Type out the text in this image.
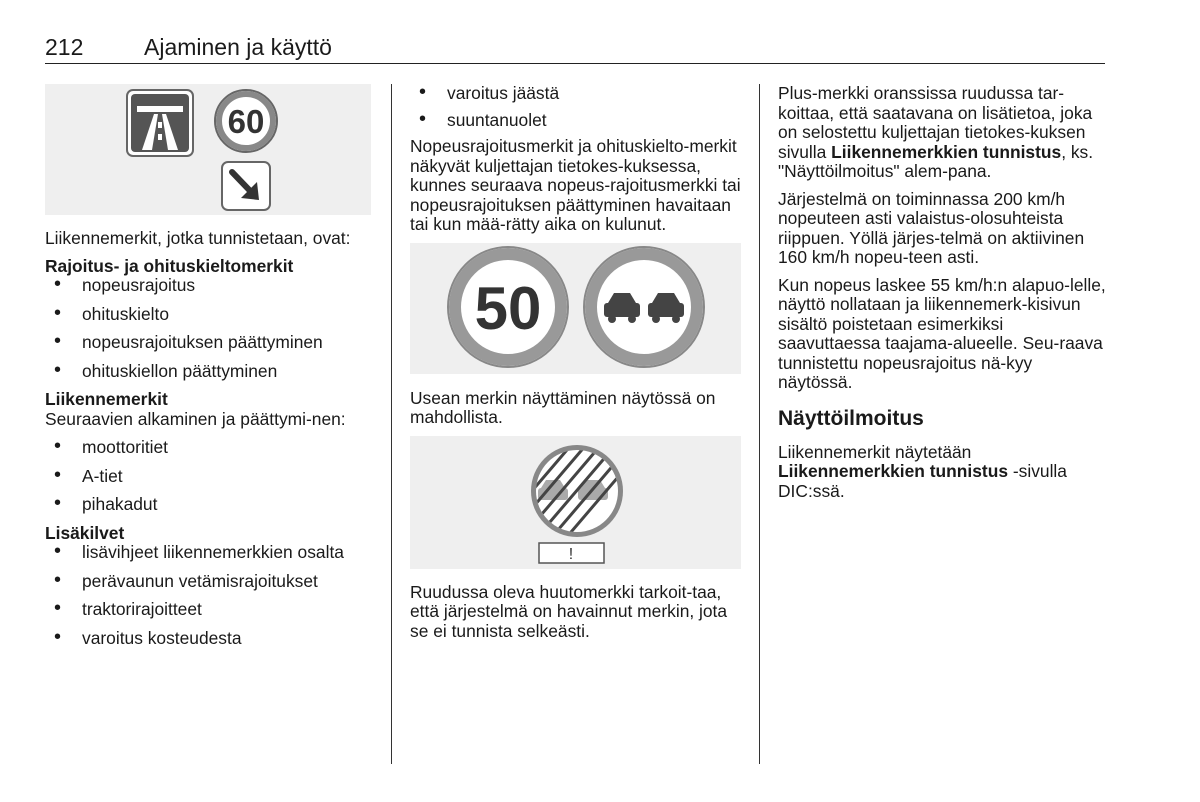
212	Ajaminen ja käyttö
60

Liikennemerkit, jotka tunnistetaan, ovat:

Rajoitus- ja ohituskieltomerkit
• nopeusrajoitus
• ohituskielto
• nopeusrajoituksen päättyminen
• ohituskiellon päättyminen
Liikennemerkit

Seuraavien alkaminen ja päättymi-nen:

• moottoritiet
• A-tiet
• pihakadut
Lisäkilvet
• lisävihjeet liikennemerkkien osalta
• perävaunun vetämisrajoitukset
• traktorirajoitteet
• varoitus kosteudesta
• varoitus jäästä
• suuntanuolet

Nopeusrajoitusmerkit ja ohituskielto-merkit näkyvät kuljettajan tietokes-kuksessa, kunnes seuraava nopeus-rajoitusmerkki tai nopeusrajoituksen päättyminen havaitaan tai kun mää-rätty aika on kulunut.

50

Usean merkin näyttäminen näytössä on mahdollista.

!

Ruudussa oleva huutomerkki tarkoit-taa, että järjestelmä on havainnut merkin, jota se ei tunnista selkeästi.

Plus-merkki oranssissa ruudussa tar-koittaa, että saatavana on lisätietoa, joka on selostettu kuljettajan tietokes-kuksen sivulla Liikennemerkkien tunnistus, ks. "Näyttöilmoitus" alem-pana.

Järjestelmä on toiminnassa 200 km/h nopeuteen asti valaistus-olosuhteista riippuen. Yöllä järjes-telmä on aktiivinen 160 km/h nopeu-teen asti.

Kun nopeus laskee 55 km/h:n alapuo-lelle, näyttö nollataan ja liikennemerk-kisivun sisältö poistetaan esimerkiksi saavuttaessa taajama-alueelle. Seu-raava tunnistettu nopeusrajoitus nä-kyy näytössä.

Näyttöilmoitus

Liikennemerkit näytetään Liikennemerkkien tunnistus -sivulla DIC:ssä.
